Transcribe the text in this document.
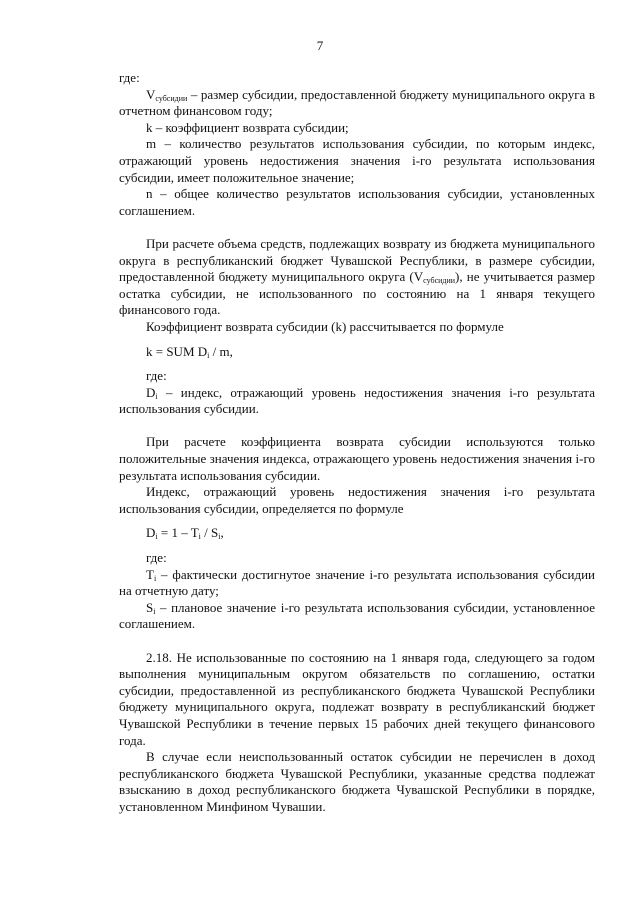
7

где:

$V_{субсидии}$ – размер субсидии, предоставленной бюджету муниципального округа в отчетном финансовом году;

k – коэффициент возврата субсидии;

m – количество результатов использования субсидии, по которым индекс, отражающий уровень недостижения значения i-го результата использования субсидии, имеет положительное значение;

n – общее количество результатов использования субсидии, установленных соглашением.

При расчете объема средств, подлежащих возврату из бюджета муниципального округа в республиканский бюджет Чувашской Республики, в размере субсидии, предоставленной бюджету муниципального округа $(V_{субсидии})$, не учитывается размер остатка субсидии, не использованного по состоянию на 1 января текущего финансового года.

Коэффициент возврата субсидии (k) рассчитывается по формуле

k = SUM $D_i$ / m,

где:

$D_i$ – индекс, отражающий уровень недостижения значения i-го результата использования субсидии.

При расчете коэффициента возврата субсидии используются только положительные значения индекса, отражающего уровень недостижения значения i-го результата использования субсидии.

Индекс, отражающий уровень недостижения значения i-го результата использования субсидии, определяется по формуле

$D_i = 1 - T_i / S_i$,

где:

$T_i$ – фактически достигнутое значение i-го результата использования субсидии на отчетную дату;

$S_i$ – плановое значение i-го результата использования субсидии, установленное соглашением.

2.18. Не использованные по состоянию на 1 января года, следующего за годом выполнения муниципальным округом обязательств по соглашению, остатки субсидии, предоставленной из республиканского бюджета Чувашской Республики бюджету муниципального округа, подлежат возврату в республиканский бюджет Чувашской Республики в течение первых 15 рабочих дней текущего финансового года.

В случае если неиспользованный остаток субсидии не перечислен в доход республиканского бюджета Чувашской Республики, указанные средства подлежат взысканию в доход республиканского бюджета Чувашской Республики в порядке, установленном Минфином Чувашии.
